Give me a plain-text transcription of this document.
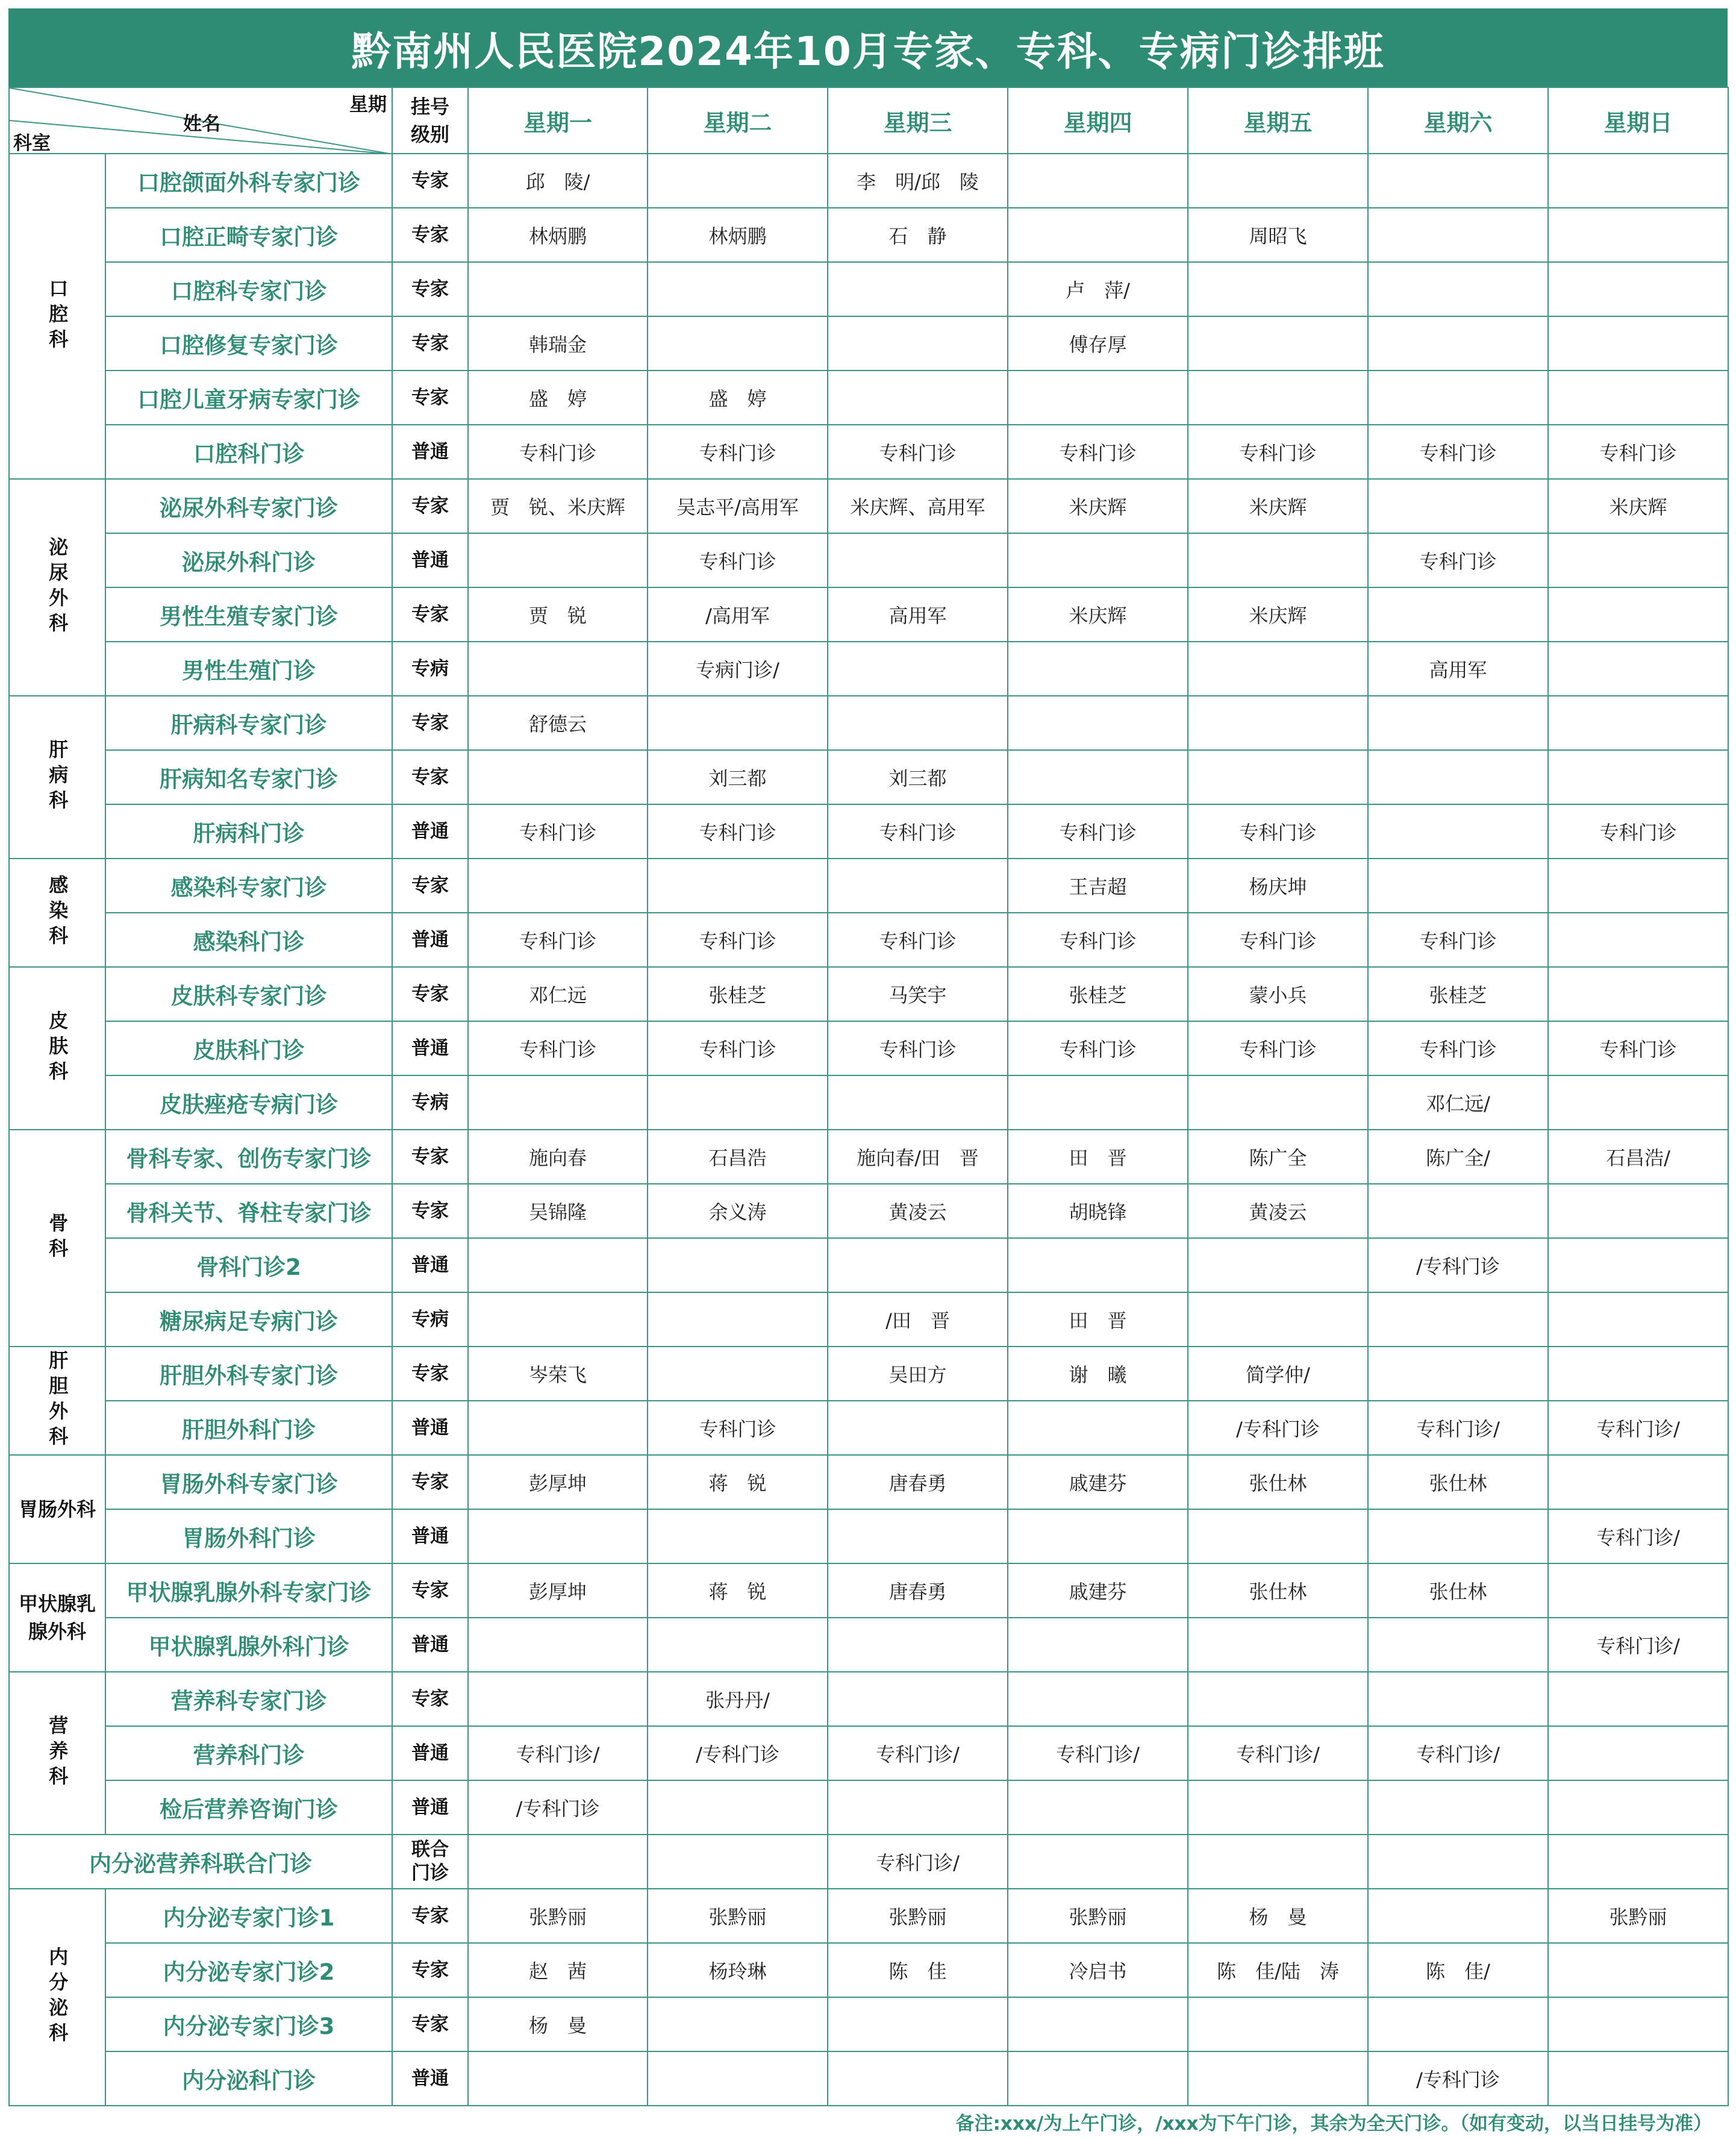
黔南州人民医院2024年10月专家、专科、专病门诊排班
星期
姓名
科室		挂号级别	星期一	星期二	星期三	星期四	星期五	星期六	星期日
口腔科	口腔颌面外科专家门诊	专家	邱　陵/		李　明/邱　陵				
	口腔正畸专家门诊	专家	林炳鹏	林炳鹏	石　静		周昭飞		
	口腔科专家门诊	专家				卢　萍/			
	口腔修复专家门诊	专家	韩瑞金			傅存厚			
	口腔儿童牙病专家门诊	专家	盛　婷	盛　婷					
	口腔科门诊	普通	专科门诊	专科门诊	专科门诊	专科门诊	专科门诊	专科门诊	专科门诊
泌尿外科	泌尿外科专家门诊	专家	贾　锐、米庆辉	吴志平/高用军	米庆辉、高用军	米庆辉	米庆辉		米庆辉
	泌尿外科门诊	普通		专科门诊				专科门诊	
	男性生殖专家门诊	专家	贾　锐	/高用军	高用军	米庆辉	米庆辉		
	男性生殖门诊	专病		专病门诊/				高用军	
肝病科	肝病科专家门诊	专家	舒德云						
	肝病知名专家门诊	专家		刘三都	刘三都				
	肝病科门诊	普通	专科门诊	专科门诊	专科门诊	专科门诊	专科门诊		专科门诊
感染科	感染科专家门诊	专家				王吉超	杨庆坤		
	感染科门诊	普通	专科门诊	专科门诊	专科门诊	专科门诊	专科门诊	专科门诊	
皮肤科	皮肤科专家门诊	专家	邓仁远	张桂芝	马笑宇	张桂芝	蒙小兵	张桂芝	
	皮肤科门诊	普通	专科门诊	专科门诊	专科门诊	专科门诊	专科门诊	专科门诊	专科门诊
	皮肤痤疮专病门诊	专病						邓仁远/	
骨科	骨科专家、创伤专家门诊	专家	施向春	石昌浩	施向春/田　晋	田　晋	陈广全	陈广全/	石昌浩/
	骨科关节、脊柱专家门诊	专家	吴锦隆	余义涛	黄凌云	胡晓锋	黄凌云		
	骨科门诊2	普通						/专科门诊	
	糖尿病足专病门诊	专病			/田　晋	田　晋			
肝胆外科	肝胆外科专家门诊	专家	岑荣飞		吴田方	谢　曦	简学仲/		
	肝胆外科门诊	普通		专科门诊			/专科门诊	专科门诊/	专科门诊/
胃肠外科	胃肠外科专家门诊	专家	彭厚坤	蒋　锐	唐春勇	戚建芬	张仕林	张仕林	
	胃肠外科门诊	普通							专科门诊/
甲状腺乳腺外科	甲状腺乳腺外科专家门诊	专家	彭厚坤	蒋　锐	唐春勇	戚建芬	张仕林	张仕林	
	甲状腺乳腺外科门诊	普通							专科门诊/
营养科	营养科专家门诊	专家		张丹丹/					
	营养科门诊	普通	专科门诊/	/专科门诊	专科门诊/	专科门诊/	专科门诊/	专科门诊/	
	检后营养咨询门诊	普通	/专科门诊						
内分泌营养科联合门诊		联合门诊			专科门诊/				
内分泌科	内分泌专家门诊1	专家	张黔丽	张黔丽	张黔丽	张黔丽	杨　曼		张黔丽
	内分泌专家门诊2	专家	赵　茜	杨玲琳	陈　佳	冷启书	陈　佳/陆　涛	陈　佳/	
	内分泌专家门诊3	专家	杨　曼						
	内分泌科门诊	普通						/专科门诊	
备注:xxx/为上午门诊，/xxx为下午门诊，其余为全天门诊。（如有变动，以当日挂号为准）
